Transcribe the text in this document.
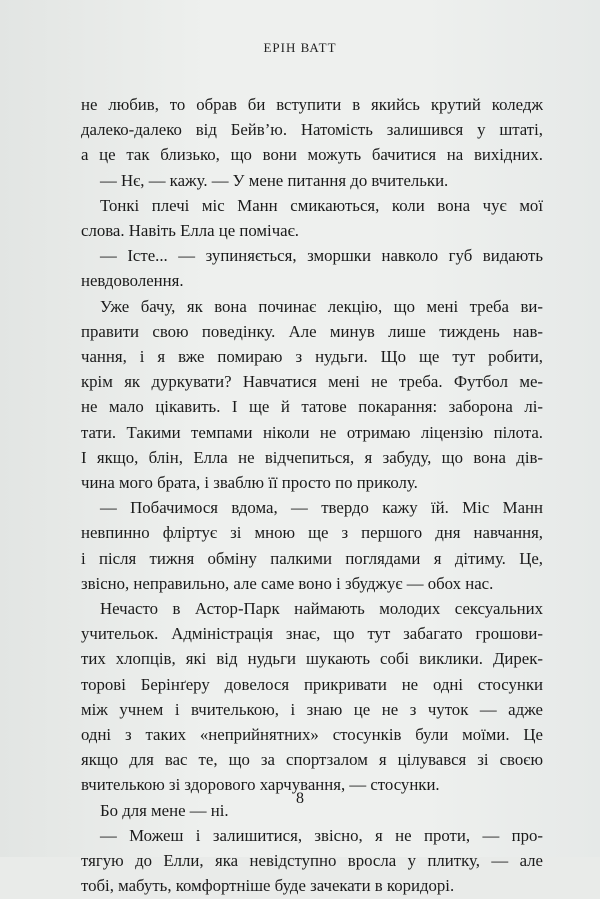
ЕРІН ВАТТ
не любив, то обрав би вступити в якийсь крутий коледж
далеко-далеко від Бейв’ю. Натомість залишився у штаті,
а це так близько, що вони можуть бачитися на вихідних.
— Нє, — кажу. — У мене питання до вчительки.
Тонкі плечі міс Манн смикаються, коли вона чує мої
слова. Навіть Елла це помічає.
— Істе... — зупиняється, зморшки навколо губ видають
невдоволення.
Уже бачу, як вона починає лекцію, що мені треба ви-
правити свою поведінку. Але минув лише тиждень нав-
чання, і я вже помираю з нудьги. Що ще тут робити,
крім як дуркувати? Навчатися мені не треба. Футбол ме-
не мало цікавить. І ще й татове покарання: заборона лі-
тати. Такими темпами ніколи не отримаю ліцензію пілота.
І якщо, блін, Елла не відчепиться, я забуду, що вона дів-
чина мого брата, і зваблю її просто по приколу.
— Побачимося вдома, — твердо кажу їй. Міс Манн
невпинно фліртує зі мною ще з першого дня навчання,
і після тижня обміну палкими поглядами я дітиму. Це,
звісно, неправильно, але саме воно і збуджує — обох нас.
Нечасто в Астор-Парк наймають молодих сексуальних
учительок. Адміністрація знає, що тут забагато грошови-
тих хлопців, які від нудьги шукають собі виклики. Дирек-
торові Берінґеру довелося прикривати не одні стосунки
між учнем і вчителькою, і знаю це не з чуток — адже
одні з таких «неприйнятних» стосунків були моїми. Це
якщо для вас те, що за спортзалом я цілувався зі своєю
вчителькою зі здорового харчування, — стосунки.
Бо для мене — ні.
— Можеш і залишитися, звісно, я не проти, — про-
тягую до Елли, яка невідступно вросла у плитку, — але
тобі, мабуть, комфортніше буде зачекати в коридорі.
8
